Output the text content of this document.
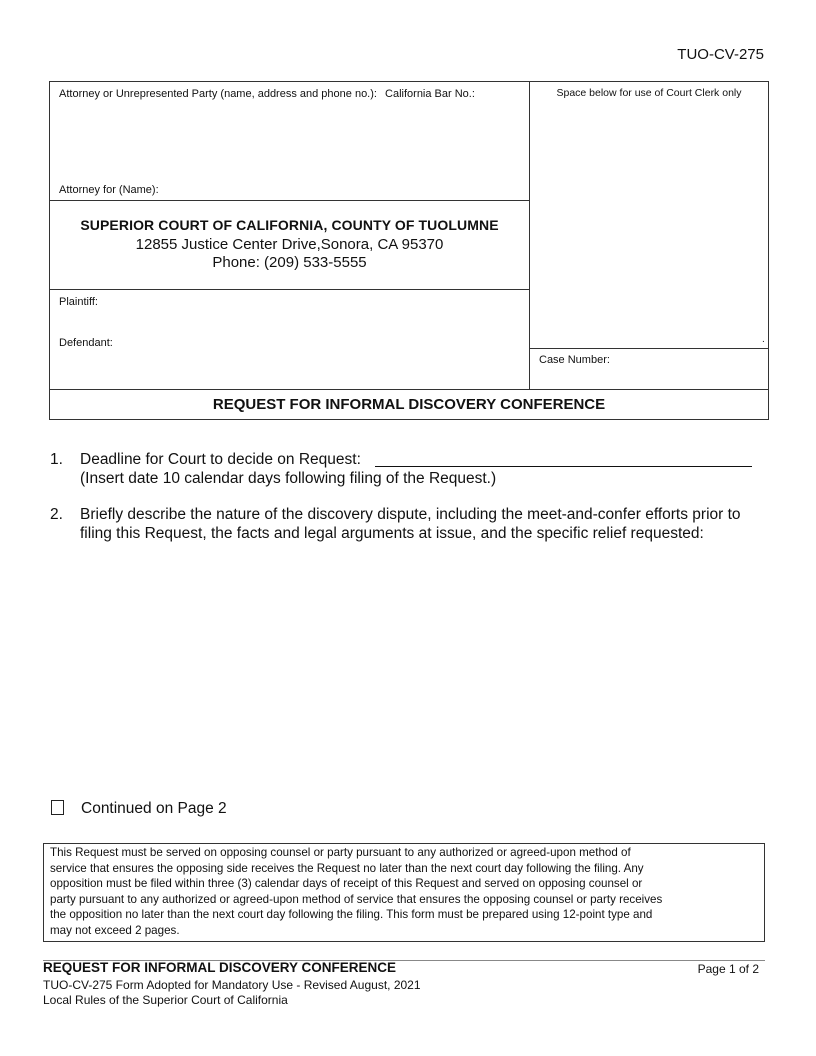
TUO-CV-275
Attorney or Unrepresented Party (name, address and phone no.): California Bar No.:
Attorney for (Name):
Space below for use of Court Clerk only
.
SUPERIOR COURT OF CALIFORNIA, COUNTY OF TUOLUMNE
12855 Justice Center Drive,Sonora, CA 95370
Phone: (209) 533-5555
Plaintiff:
Defendant:
Case Number:
REQUEST FOR INFORMAL DISCOVERY CONFERENCE
1. Deadline for Court to decide on Request:
(Insert date 10 calendar days following filing of the Request.)
2. Briefly describe the nature of the discovery dispute, including the meet-and-confer efforts prior to
filing this Request, the facts and legal arguments at issue, and the specific relief requested:
Continued on Page 2
This Request must be served on opposing counsel or party pursuant to any authorized or agreed-upon method of
service that ensures the opposing side receives the Request no later than the next court day following the filing. Any
opposition must be filed within three (3) calendar days of receipt of this Request and served on opposing counsel or
party pursuant to any authorized or agreed-upon method of service that ensures the opposing counsel or party receives
the opposition no later than the next court day following the filing. This form must be prepared using 12-point type and
may not exceed 2 pages.
REQUEST FOR INFORMAL DISCOVERY CONFERENCE	Page 1 of 2
TUO-CV-275 Form Adopted for Mandatory Use - Revised August, 2021
Local Rules of the Superior Court of California
